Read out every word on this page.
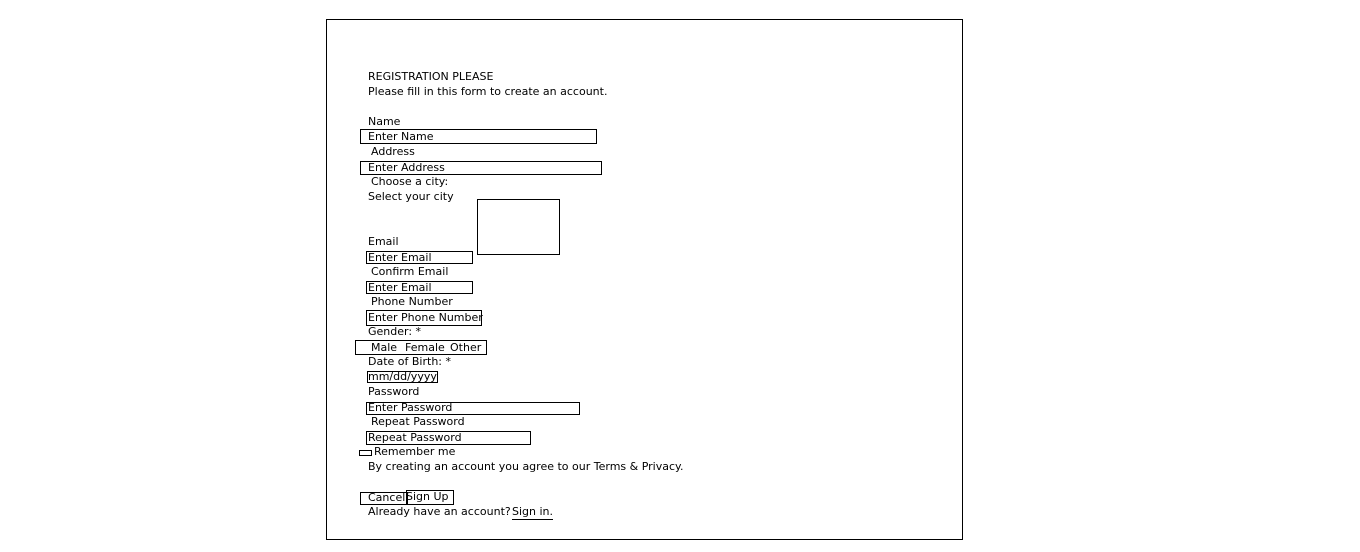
REGISTRATION PLEASE
Please fill in this form to create an account.
Name
Enter Name
Address
Enter Address
Choose a city:
Select your city
Email
Enter Email
Confirm Email
Enter Email
Phone Number
Enter Phone Number
Gender: *
Male Female Other
Date of Birth: *
mm/dd/yyyy
Password
Enter Password
Repeat Password
Repeat Password
Remember me
By creating an account you agree to our Terms & Privacy.
Cancel Sign Up
Already have an account? Sign in.
